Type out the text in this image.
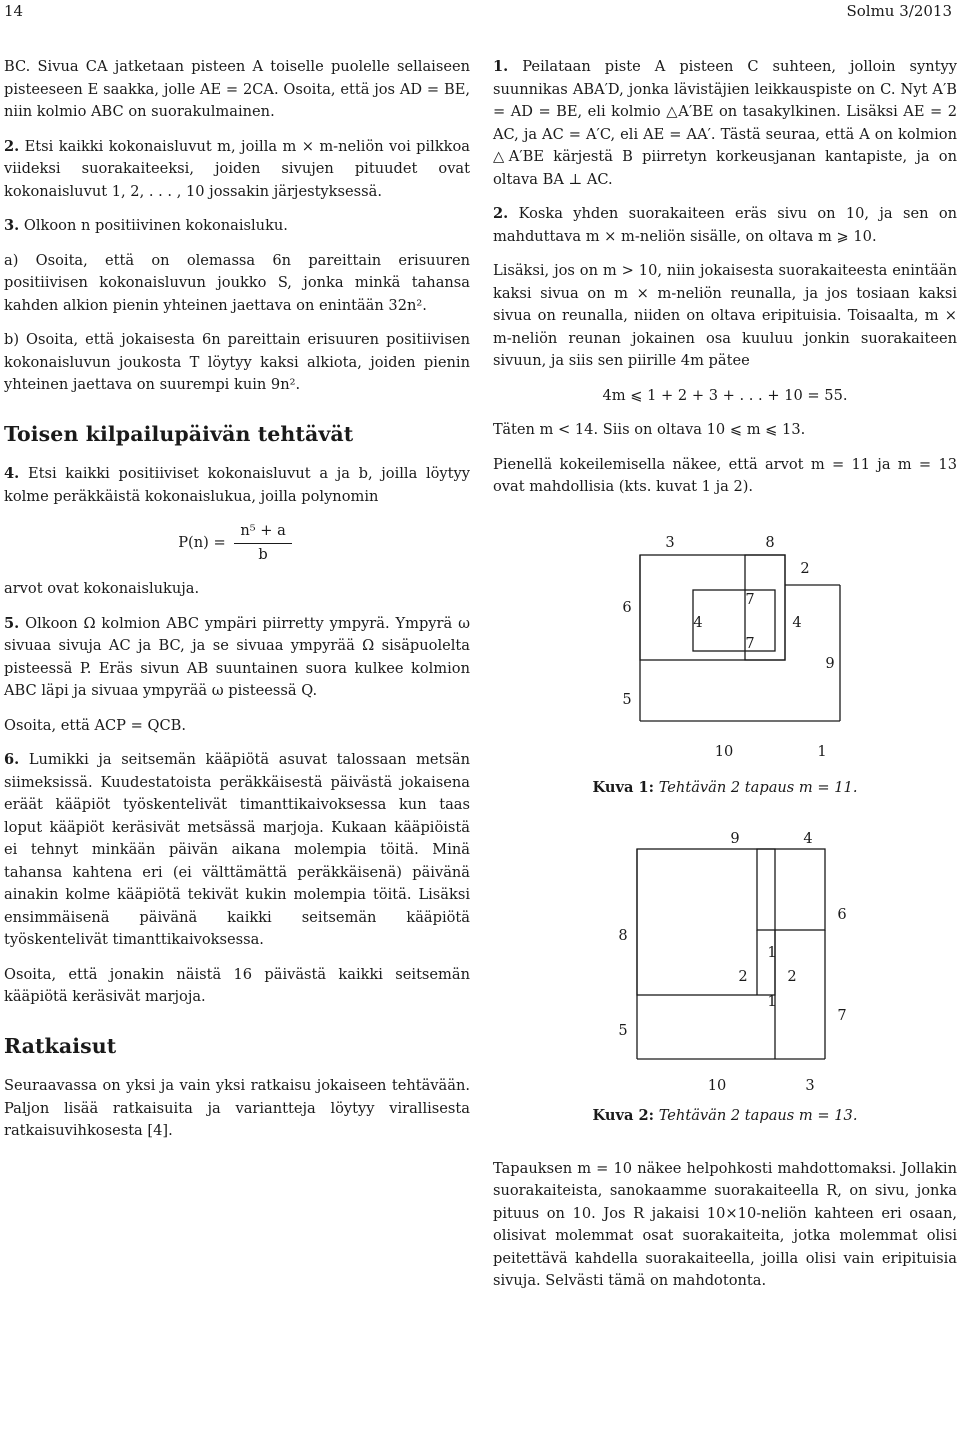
14	Solmu 3/2013

BC. Sivua CA jatketaan pisteen A toiselle puolelle sellaiseen pisteeseen E saakka, jolle AE = 2CA. Osoita, että jos AD = BE, niin kolmio ABC on suorakulmainen.

2. Etsi kaikki kokonaisluvut m, joilla m × m-neliön voi pilkkoa viideksi suorakaiteeksi, joiden sivujen pituudet ovat kokonaisluvut 1, 2, . . . , 10 jossakin järjestyksessä.

3. Olkoon n positiivinen kokonaisluku.

a) Osoita, että on olemassa 6n pareittain erisuuren positiivisen kokonaisluvun joukko S, jonka minkä tahansa kahden alkion pienin yhteinen jaettava on enintään 32n².

b) Osoita, että jokaisesta 6n pareittain erisuuren positiivisen kokonaisluvun joukosta T löytyy kaksi alkiota, joiden pienin yhteinen jaettava on suurempi kuin 9n².

Toisen kilpailupäivän tehtävät

4. Etsi kaikki positiiviset kokonaisluvut a ja b, joilla löytyy kolme peräkkäistä kokonaislukua, joilla polynomin

$P(n) = \frac{\text{n⁵ + a}}{b}$

arvot ovat kokonaislukuja.

5. Olkoon Ω kolmion ABC ympäri piirretty ympyrä. Ympyrä ω sivuaa sivuja AC ja BC, ja se sivuaa ympyrää Ω sisäpuolelta pisteessä P. Eräs sivun AB suuntainen suora kulkee kolmion ABC läpi ja sivuaa ympyrää ω pisteessä Q.

Osoita, että ACP = QCB.

6. Lumikki ja seitsemän kääpiötä asuvat talossaan metsän siimeksissä. Kuudestatoista peräkkäisestä päivästä jokaisena eräät kääpiöt työskentelivät timanttikaivoksessa kun taas loput kääpiöt keräsivät metsässä marjoja. Kukaan kääpiöistä ei tehnyt minkään päivän aikana molempia töitä. Minä tahansa kahtena eri (ei välttämättä peräkkäisenä) päivänä ainakin kolme kääpiötä tekivät kukin molempia töitä. Lisäksi ensimmäisenä päivänä kaikki seitsemän kääpiötä työskentelivät timanttikaivoksessa.

Osoita, että jonakin näistä 16 päivästä kaikki seitsemän kääpiötä keräsivät marjoja.

Ratkaisut

Seuraavassa on yksi ja vain yksi ratkaisu jokaiseen tehtävään. Paljon lisää ratkaisuita ja variantteja löytyy virallisesta ratkaisuvihkosesta [4].

1. Peilataan piste A pisteen C suhteen, jolloin syntyy suunnikas ABA′D, jonka lävistäjien leikkauspiste on C. Nyt A′B = AD = BE, eli kolmio △A′BE on tasakylkinen. Lisäksi AE = 2 AC, ja AC = A′C, eli AE = AA′. Tästä seuraa, että A on kolmion △A′BE kärjestä B piirretyn korkeusjanan kantapiste, ja on oltava BA ⊥ AC.

2. Koska yhden suorakaiteen eräs sivu on 10, ja sen on mahduttava m × m-neliön sisälle, on oltava m ⩾ 10.

Lisäksi, jos on m > 10, niin jokaisesta suorakaiteesta enintään kaksi sivua on m × m-neliön reunalla, ja jos tosiaan kaksi sivua on reunalla, niiden on oltava eripituisia. Toisaalta, m × m-neliön reunan jokainen osa kuuluu jonkin suorakaiteen sivuun, ja siis sen piirille 4m pätee

4m ⩽ 1 + 2 + 3 + . . . + 10 = 55.

Täten m < 14. Siis on oltava 10 ⩽ m ⩽ 13.

Pienellä kokeilemisella näkee, että arvot m = 11 ja m = 13 ovat mahdollisia (kts. kuvat 1 ja 2).

3	8
2
6	7
4	4
7
9
5
10	1
Kuva 1: Tehtävän 2 tapaus m = 11.
9	4
6
8
1
2	2
1
7
5
10	3
Kuva 2: Tehtävän 2 tapaus m = 13.

Tapauksen m = 10 näkee helpohkosti mahdottomaksi. Jollakin suorakaiteista, sanokaamme suorakaiteella R, on sivu, jonka pituus on 10. Jos R jakaisi 10×10-neliön kahteen eri osaan, olisivat molemmat osat suorakaiteita, jotka molemmat olisi peitettävä kahdella suorakaiteella, joilla olisi vain eripituisia sivuja. Selvästi tämä on mahdotonta.
